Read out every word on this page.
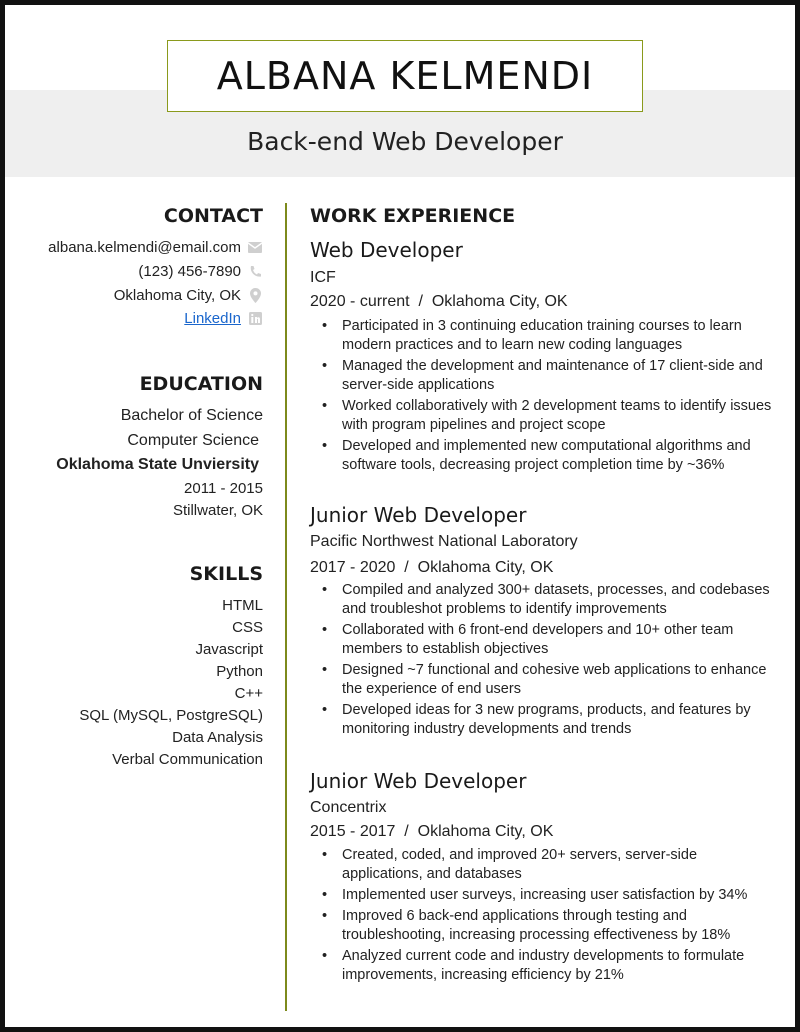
ALBANA KELMENDI
Back-end Web Developer
CONTACT
albana.kelmendi@email.com
(123) 456-7890
Oklahoma City, OK
LinkedIn
EDUCATION
Bachelor of Science
Computer Science
Oklahoma State Unviersity
2011 - 2015
Stillwater, OK
SKILLS
HTML
CSS
Javascript
Python
C++
SQL (MySQL, PostgreSQL)
Data Analysis
Verbal Communication
WORK EXPERIENCE
Web Developer
ICF
2020 - current  /  Oklahoma City, OK
• Participated in 3 continuing education training courses to learn modern practices and to learn new coding languages
• Managed the development and maintenance of 17 client-side and server-side applications
• Worked collaboratively with 2 development teams to identify issues with program pipelines and project scope
• Developed and implemented new computational algorithms and software tools, decreasing project completion time by ~36%
Junior Web Developer
Pacific Northwest National Laboratory
2017 - 2020  /  Oklahoma City, OK
• Compiled and analyzed 300+ datasets, processes, and codebases and troubleshot problems to identify improvements
• Collaborated with 6 front-end developers and 10+ other team members to establish objectives
• Designed ~7 functional and cohesive web applications to enhance the experience of end users
• Developed ideas for 3 new programs, products, and features by monitoring industry developments and trends
Junior Web Developer
Concentrix
2015 - 2017  /  Oklahoma City, OK
• Created, coded, and improved 20+ servers, server-side applications, and databases
• Implemented user surveys, increasing user satisfaction by 34%
• Improved 6 back-end applications through testing and troubleshooting, increasing processing effectiveness by 18%
• Analyzed current code and industry developments to formulate improvements, increasing efficiency by 21%
